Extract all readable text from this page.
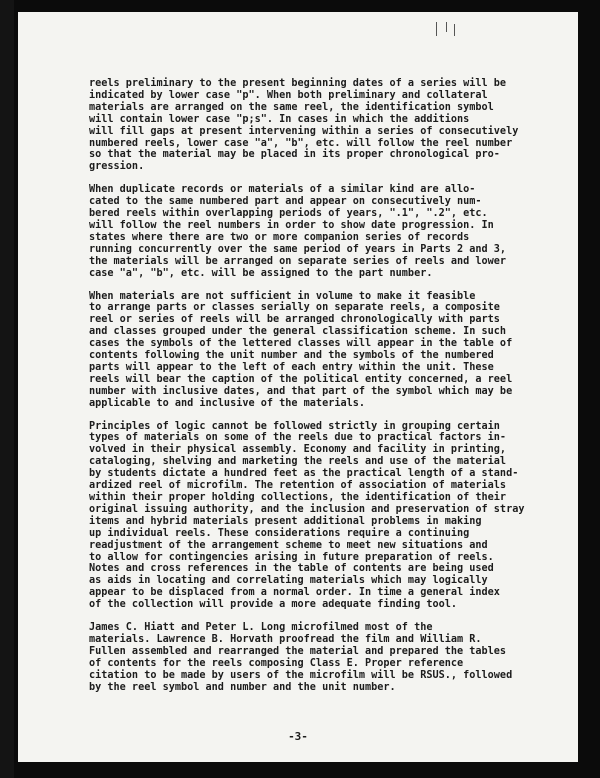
reels preliminary to the present beginning dates of a series will be
indicated by lower case "p". When both preliminary and collateral
materials are arranged on the same reel, the identification symbol
will contain lower case "p;s". In cases in which the additions
will fill gaps at present intervening within a series of consecutively
numbered reels, lower case "a", "b", etc. will follow the reel number
so that the material may be placed in its proper chronological pro-
gression.
When duplicate records or materials of a similar kind are allo-
cated to the same numbered part and appear on consecutively num-
bered reels within overlapping periods of years, ".1", ".2", etc.
will follow the reel numbers in order to show date progression. In
states where there are two or more companion series of records
running concurrently over the same period of years in Parts 2 and 3,
the materials will be arranged on separate series of reels and lower
case "a", "b", etc. will be assigned to the part number.
When materials are not sufficient in volume to make it feasible
to arrange parts or classes serially on separate reels, a composite
reel or series of reels will be arranged chronologically with parts
and classes grouped under the general classification scheme. In such
cases the symbols of the lettered classes will appear in the table of
contents following the unit number and the symbols of the numbered
parts will appear to the left of each entry within the unit. These
reels will bear the caption of the political entity concerned, a reel
number with inclusive dates, and that part of the symbol which may be
applicable to and inclusive of the materials.
Principles of logic cannot be followed strictly in grouping certain
types of materials on some of the reels due to practical factors in-
volved in their physical assembly. Economy and facility in printing,
cataloging, shelving and marketing the reels and use of the material
by students dictate a hundred feet as the practical length of a stand-
ardized reel of microfilm. The retention of association of materials
within their proper holding collections, the identification of their
original issuing authority, and the inclusion and preservation of stray
items and hybrid materials present additional problems in making
up individual reels. These considerations require a continuing
readjustment of the arrangement scheme to meet new situations and
to allow for contingencies arising in future preparation of reels.
Notes and cross references in the table of contents are being used
as aids in locating and correlating materials which may logically
appear to be displaced from a normal order. In time a general index
of the collection will provide a more adequate finding tool.
James C. Hiatt and Peter L. Long microfilmed most of the
materials. Lawrence B. Horvath proofread the film and William R.
Fullen assembled and rearranged the material and prepared the tables
of contents for the reels composing Class E. Proper reference
citation to be made by users of the microfilm will be RSUS., followed
by the reel symbol and number and the unit number.
-3-
